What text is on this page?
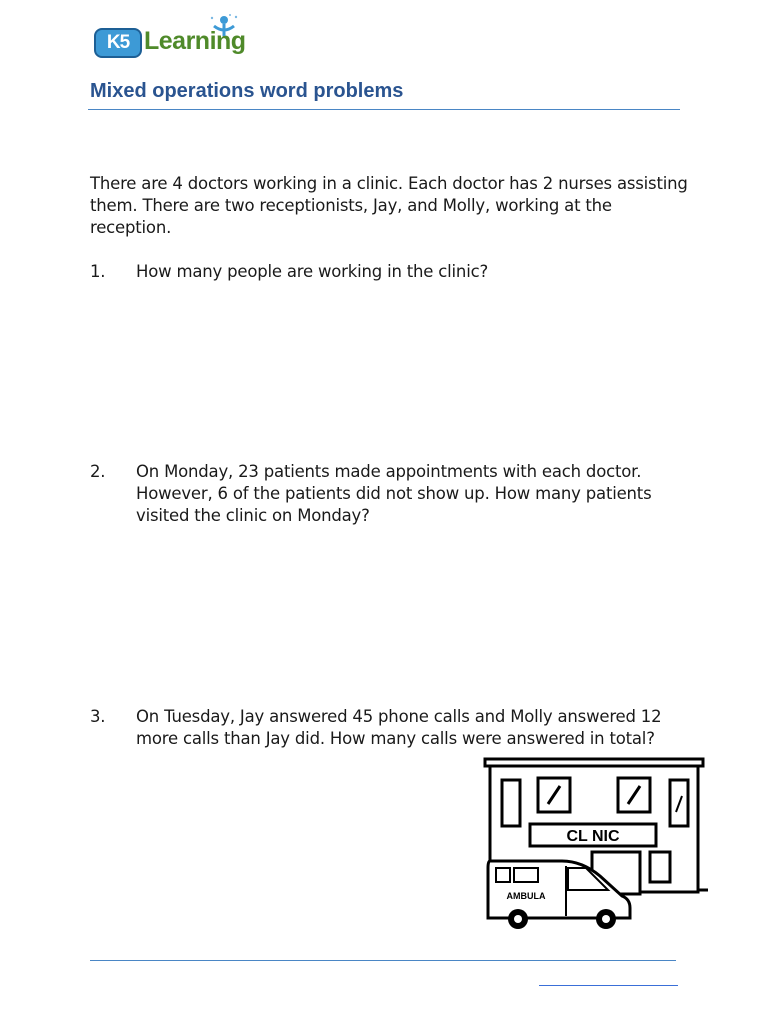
K5 Learning
Mixed operations word problems
There are 4 doctors working in a clinic. Each doctor has 2 nurses assisting them. There are two receptionists, Jay, and Molly, working at the reception.
1. How many people are working in the clinic?
2. On Monday, 23 patients made appointments with each doctor. However, 6 of the patients did not show up. How many patients visited the clinic on Monday?
3. On Tuesday, Jay answered 45 phone calls and Molly answered 12 more calls than Jay did. How many calls were answered in total?
CL NIC
AMBULA
